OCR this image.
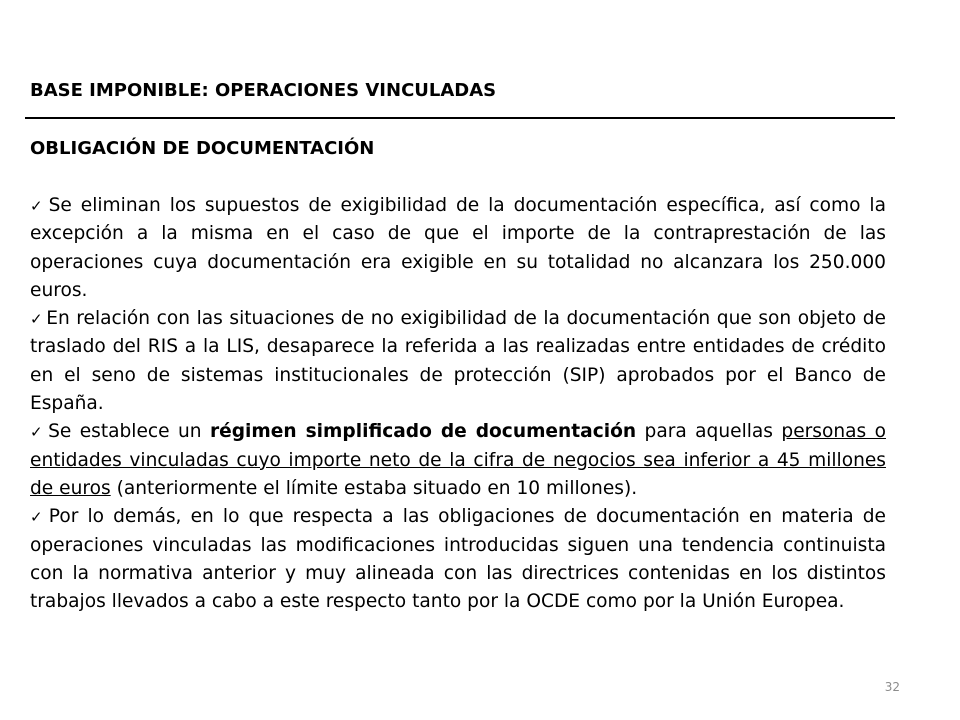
BASE IMPONIBLE: OPERACIONES VINCULADAS
OBLIGACIÓN DE DOCUMENTACIÓN
✓ Se eliminan los supuestos de exigibilidad de la documentación específica, así como la excepción a la misma en el caso de que el importe de la contraprestación de las operaciones cuya documentación era exigible en su totalidad no alcanzara los 250.000 euros.
✓ En relación con las situaciones de no exigibilidad de la documentación que son objeto de traslado del RIS a la LIS, desaparece la referida a las realizadas entre entidades de crédito en el seno de sistemas institucionales de protección (SIP) aprobados por el Banco de España.
✓ Se establece un régimen simplificado de documentación para aquellas personas o entidades vinculadas cuyo importe neto de la cifra de negocios sea inferior a 45 millones de euros (anteriormente el límite estaba situado en 10 millones).
✓ Por lo demás, en lo que respecta a las obligaciones de documentación en materia de operaciones vinculadas las modificaciones introducidas siguen una tendencia continuista con la normativa anterior y muy alineada con las directrices contenidas en los distintos trabajos llevados a cabo a este respecto tanto por la OCDE como por la Unión Europea.
32
